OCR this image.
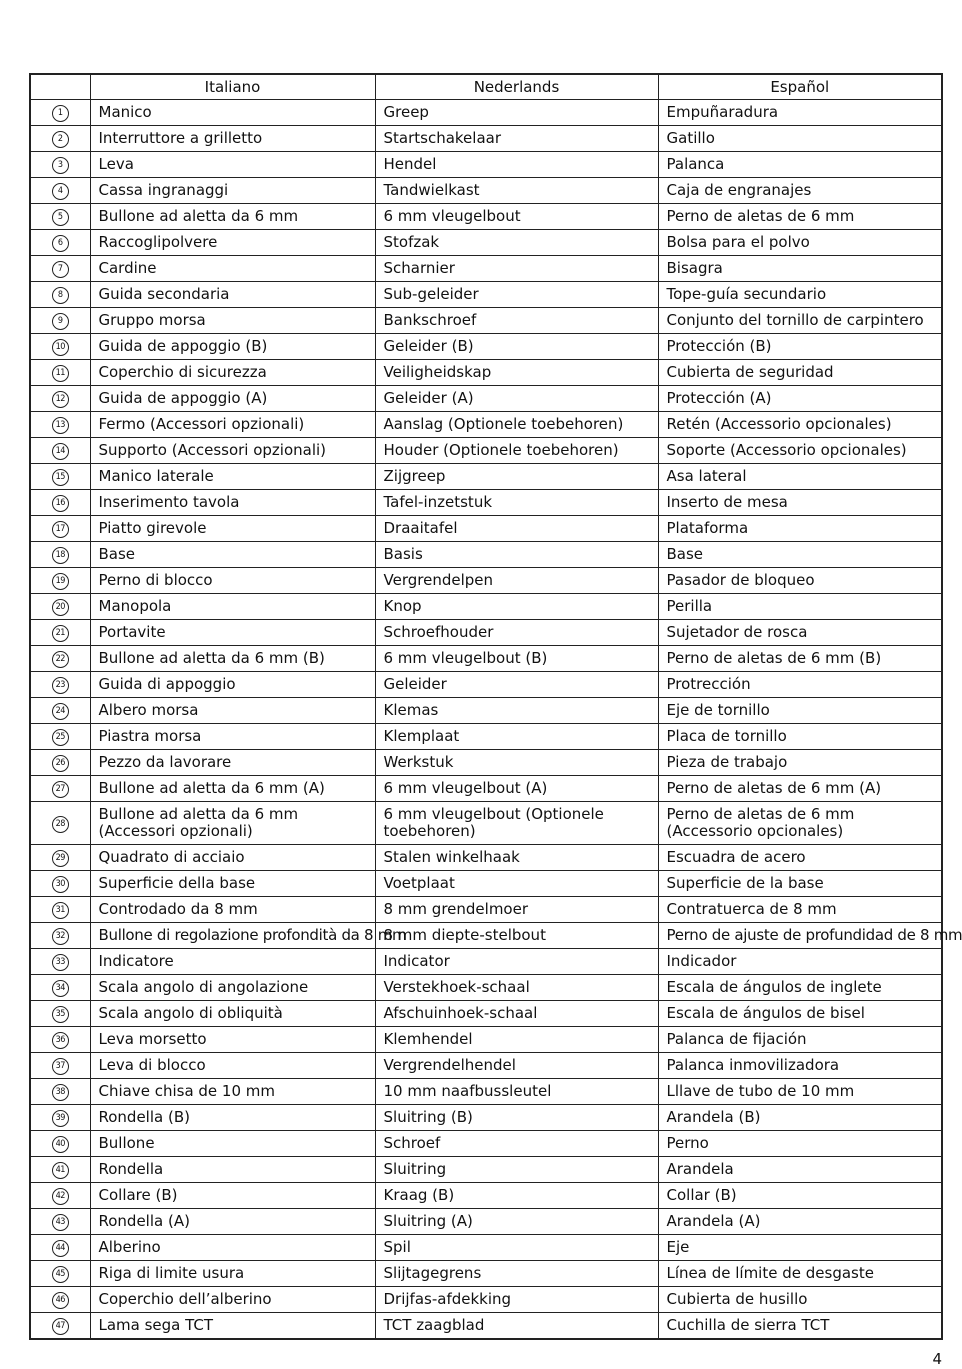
	Italiano	Nederlands	Español
1	Manico	Greep	Empuñaradura
2	Interruttore a grilletto	Startschakelaar	Gatillo
3	Leva	Hendel	Palanca
4	Cassa ingranaggi	Tandwielkast	Caja de engranajes
5	Bullone ad aletta da 6 mm	6 mm vleugelbout	Perno de aletas de 6 mm
6	Raccoglipolvere	Stofzak	Bolsa para el polvo
7	Cardine	Scharnier	Bisagra
8	Guida secondaria	Sub-geleider	Tope-guía secundario
9	Gruppo morsa	Bankschroef	Conjunto del tornillo de carpintero
10	Guida de appoggio (B)	Geleider (B)	Protección (B)
11	Coperchio di sicurezza	Veiligheidskap	Cubierta de seguridad
12	Guida de appoggio (A)	Geleider (A)	Protección (A)
13	Fermo (Accessori opzionali)	Aanslag (Optionele toebehoren)	Retén (Accessorio opcionales)
14	Supporto (Accessori opzionali)	Houder (Optionele toebehoren)	Soporte (Accessorio opcionales)
15	Manico laterale	Zijgreep	Asa lateral
16	Inserimento tavola	Tafel-inzetstuk	Inserto de mesa
17	Piatto girevole	Draaitafel	Plataforma
18	Base	Basis	Base
19	Perno di blocco	Vergrendelpen	Pasador de bloqueo
20	Manopola	Knop	Perilla
21	Portavite	Schroefhouder	Sujetador de rosca
22	Bullone ad aletta da 6 mm (B)	6 mm vleugelbout (B)	Perno de aletas de 6 mm (B)
23	Guida di appoggio	Geleider	Protrección
24	Albero morsa	Klemas	Eje de tornillo
25	Piastra morsa	Klemplaat	Placa de tornillo
26	Pezzo da lavorare	Werkstuk	Pieza de trabajo
27	Bullone ad aletta da 6 mm (A)	6 mm vleugelbout (A)	Perno de aletas de 6 mm (A)
28	Bullone ad aletta da 6 mm (Accessori opzionali)	6 mm vleugelbout (Optionele toebehoren)	Perno de aletas de 6 mm (Accessorio opcionales)
29	Quadrato di acciaio	Stalen winkelhaak	Escuadra de acero
30	Superficie della base	Voetplaat	Superficie de la base
31	Controdado da 8 mm	8 mm grendelmoer	Contratuerca de 8 mm
32	Bullone di regolazione profondità da 8 mm	8 mm diepte-stelbout	Perno de ajuste de profundidad de 8 mm
33	Indicatore	Indicator	Indicador
34	Scala angolo di angolazione	Verstekhoek-schaal	Escala de ángulos de inglete
35	Scala angolo di obliquità	Afschuinhoek-schaal	Escala de ángulos de bisel
36	Leva morsetto	Klemhendel	Palanca de fijación
37	Leva di blocco	Vergrendelhendel	Palanca inmovilizadora
38	Chiave chisa de 10 mm	10 mm naafbussleutel	Lllave de tubo de 10 mm
39	Rondella (B)	Sluitring (B)	Arandela (B)
40	Bullone	Schroef	Perno
41	Rondella	Sluitring	Arandela
42	Collare (B)	Kraag (B)	Collar (B)
43	Rondella (A)	Sluitring (A)	Arandela (A)
44	Alberino	Spil	Eje
45	Riga di limite usura	Slijtagegrens	Línea de límite de desgaste
46	Coperchio dell’alberino	Drijfas-afdekking	Cubierta de husillo
47	Lama sega TCT	TCT zaagblad	Cuchilla de sierra TCT
4
